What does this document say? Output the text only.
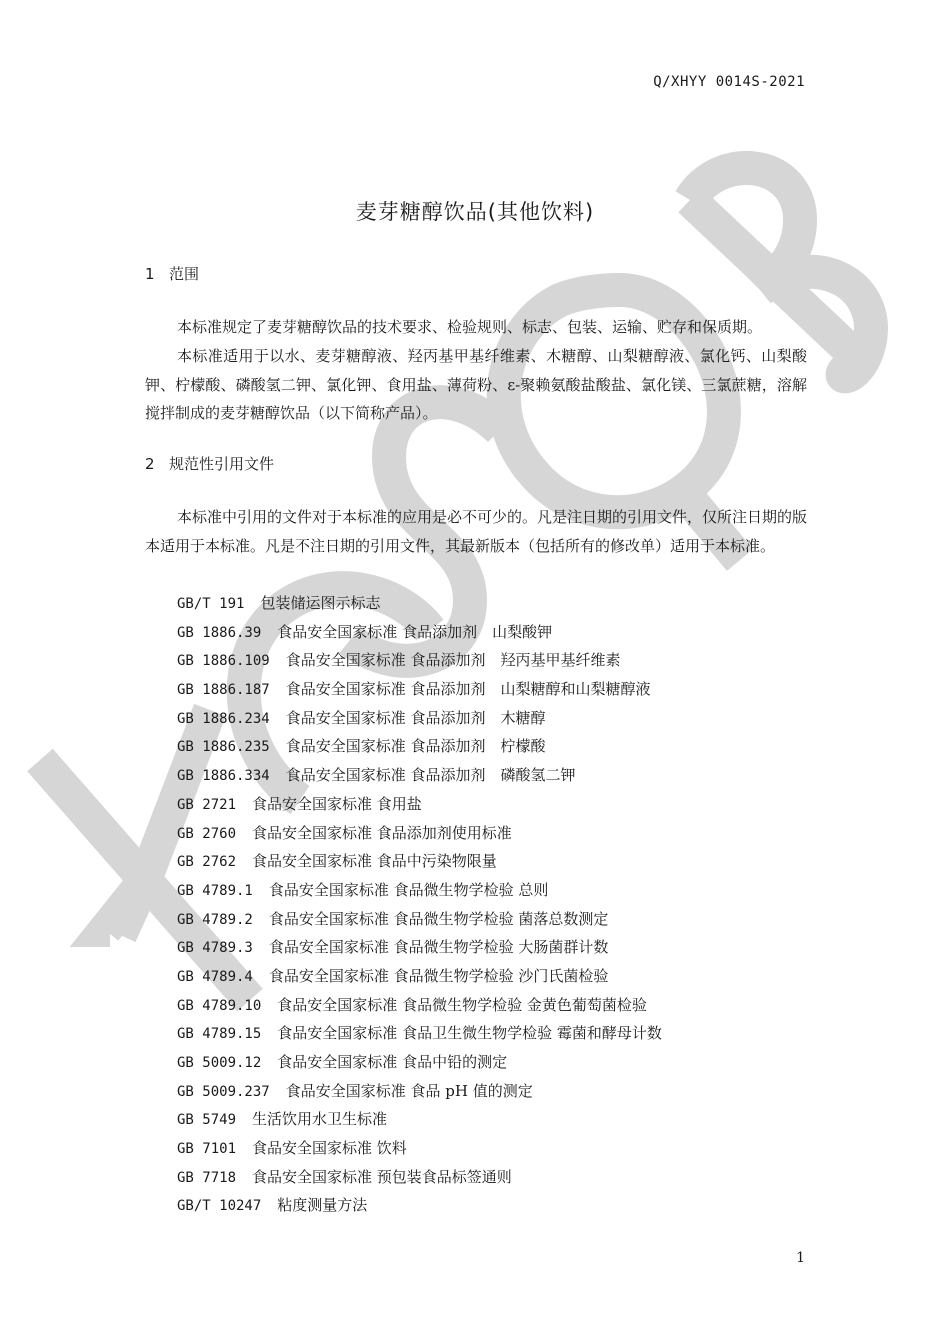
Q/XHYY 0014S-2021
麦芽糖醇饮品(其他饮料)
1 范围

本标准规定了麦芽糖醇饮品的技术要求、检验规则、标志、包装、运输、贮存和保质期。

本标准适用于以水、麦芽糖醇液、羟丙基甲基纤维素、木糖醇、山梨糖醇液、氯化钙、山梨酸钾、柠檬酸、磷酸氢二钾、氯化钾、食用盐、薄荷粉、ε-聚赖氨酸盐酸盐、氯化镁、三氯蔗糖，溶解搅拌制成的麦芽糖醇饮品（以下简称产品）。

2 规范性引用文件

本标准中引用的文件对于本标准的应用是必不可少的。凡是注日期的引用文件，仅所注日期的版本适用于本标准。凡是不注日期的引用文件，其最新版本（包括所有的修改单）适用于本标准。

GB/T 191 包装储运图示标志
GB 1886.39 食品安全国家标准 食品添加剂　山梨酸钾
GB 1886.109 食品安全国家标准 食品添加剂　羟丙基甲基纤维素
GB 1886.187 食品安全国家标准 食品添加剂　山梨糖醇和山梨糖醇液
GB 1886.234 食品安全国家标准 食品添加剂　木糖醇
GB 1886.235 食品安全国家标准 食品添加剂　柠檬酸
GB 1886.334 食品安全国家标准 食品添加剂　磷酸氢二钾
GB 2721 食品安全国家标准 食用盐
GB 2760 食品安全国家标准 食品添加剂使用标准
GB 2762 食品安全国家标准 食品中污染物限量
GB 4789.1 食品安全国家标准 食品微生物学检验 总则
GB 4789.2 食品安全国家标准 食品微生物学检验 菌落总数测定
GB 4789.3 食品安全国家标准 食品微生物学检验 大肠菌群计数
GB 4789.4 食品安全国家标准 食品微生物学检验 沙门氏菌检验
GB 4789.10 食品安全国家标准 食品微生物学检验 金黄色葡萄菌检验
GB 4789.15 食品安全国家标准 食品卫生微生物学检验 霉菌和酵母计数
GB 5009.12 食品安全国家标准 食品中铅的测定
GB 5009.237 食品安全国家标准 食品 pH 值的测定
GB 5749 生活饮用水卫生标准
GB 7101 食品安全国家标准 饮料
GB 7718 食品安全国家标准 预包装食品标签通则
GB/T 10247 粘度测量方法
1
